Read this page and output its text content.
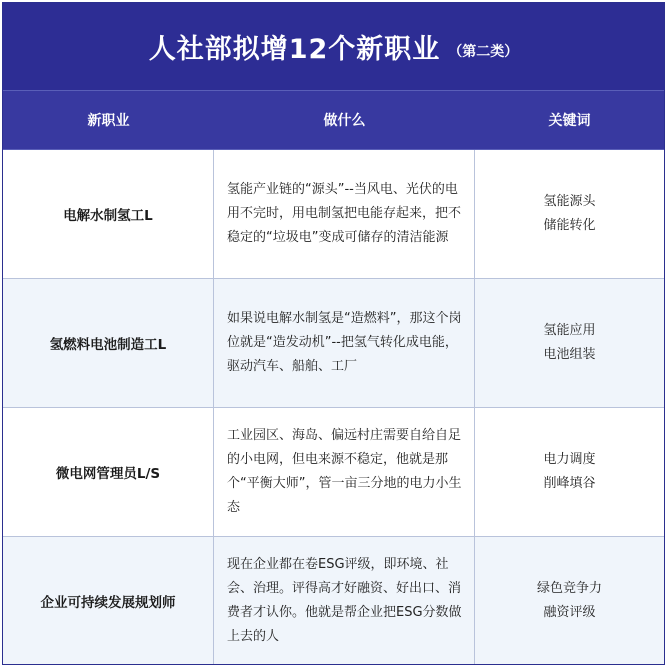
人社部拟增12个新职业 （第二类）
新职业	做什么	关键词
电解水制氢工L
氢能产业链的“源头”--当风电、光伏的电用不完时，用电制氢把电能存起来，把不稳定的“垃圾电”变成可储存的清洁能源
氢能源头
储能转化
氢燃料电池制造工L
如果说电解水制氢是“造燃料”，那这个岗位就是“造发动机”--把氢气转化成电能，驱动汽车、船舶、工厂
氢能应用
电池组装
微电网管理员L/S
工业园区、海岛、偏远村庄需要自给自足的小电网，但电来源不稳定，他就是那个“平衡大师”，管一亩三分地的电力小生态
电力调度
削峰填谷
企业可持续发展规划师
现在企业都在卷ESG评级，即环境、社会、治理。评得高才好融资、好出口、消费者才认你。他就是帮企业把ESG分数做上去的人
绿色竞争力
融资评级
